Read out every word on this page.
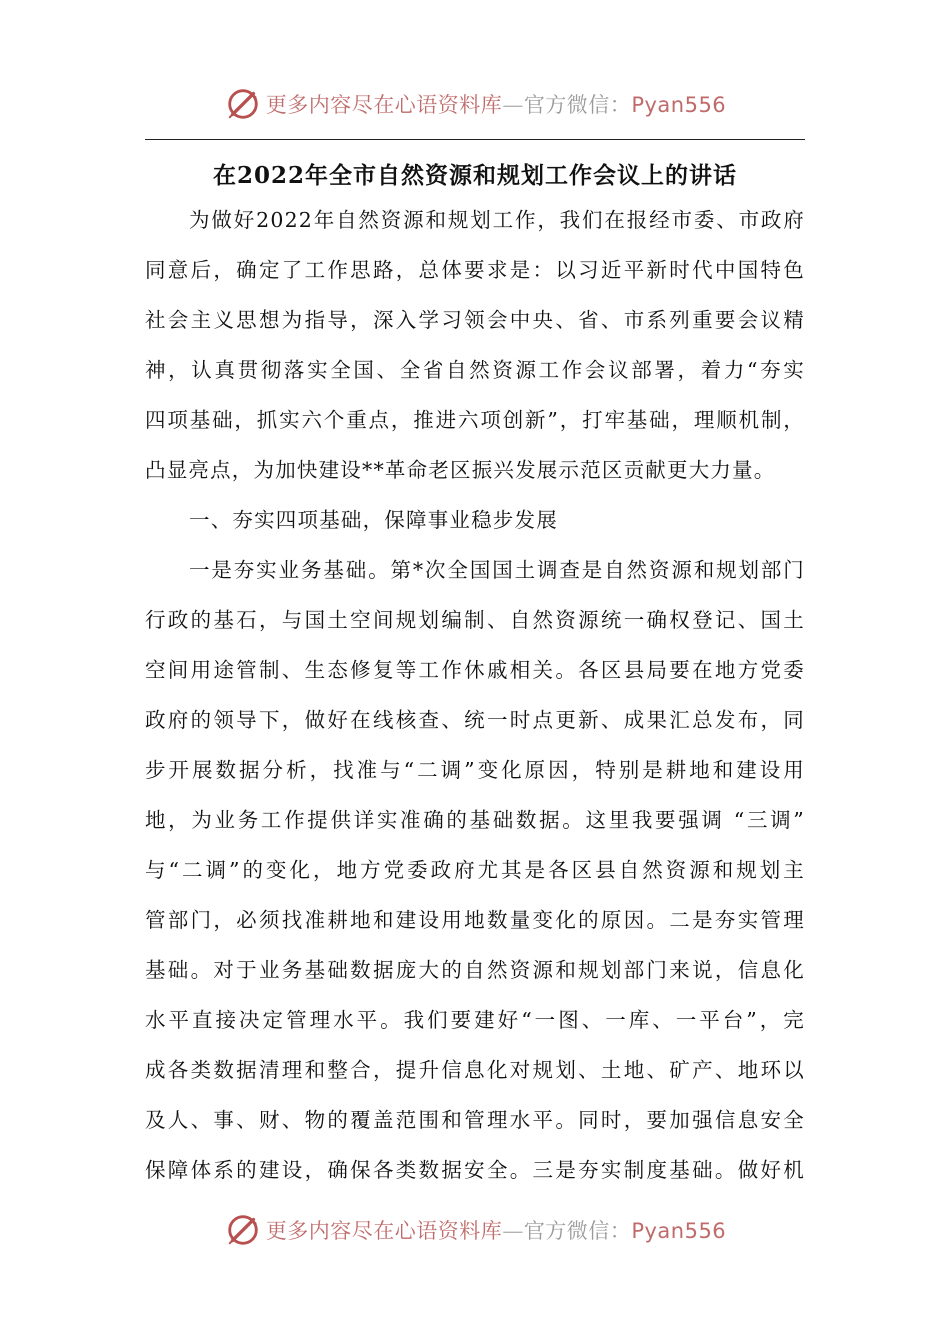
更多内容尽在心语资料库—官方微信：Pyan556
在2022年全市自然资源和规划工作会议上的讲话
为做好2022年自然资源和规划工作，我们在报经市委、市政府
同意后，确定了工作思路，总体要求是：以习近平新时代中国特色
社会主义思想为指导，深入学习领会中央、省、市系列重要会议精
神，认真贯彻落实全国、全省自然资源工作会议部署，着力“夯实
四项基础，抓实六个重点，推进六项创新”，打牢基础，理顺机制，
凸显亮点，为加快建设**革命老区振兴发展示范区贡献更大力量。
一、夯实四项基础，保障事业稳步发展
一是夯实业务基础。第*次全国国土调查是自然资源和规划部门
行政的基石，与国土空间规划编制、自然资源统一确权登记、国土
空间用途管制、生态修复等工作休戚相关。各区县局要在地方党委
政府的领导下，做好在线核查、统一时点更新、成果汇总发布，同
步开展数据分析，找准与“二调”变化原因，特别是耕地和建设用
地，为业务工作提供详实准确的基础数据。这里我要强调 “三调”
与“二调”的变化，地方党委政府尤其是各区县自然资源和规划主
管部门，必须找准耕地和建设用地数量变化的原因。二是夯实管理
基础。对于业务基础数据庞大的自然资源和规划部门来说，信息化
水平直接决定管理水平。我们要建好“一图、一库、一平台”，完
成各类数据清理和整合，提升信息化对规划、土地、矿产、地环以
及人、事、财、物的覆盖范围和管理水平。同时，要加强信息安全
保障体系的建设，确保各类数据安全。三是夯实制度基础。做好机
更多内容尽在心语资料库—官方微信：Pyan556
